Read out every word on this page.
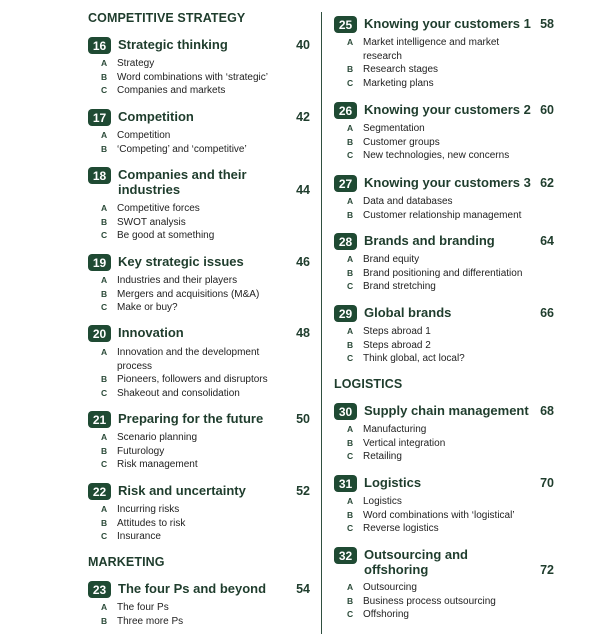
COMPETITIVE STRATEGY
16 Strategic thinking	40
A Strategy
B Word combinations with ‘strategic’
C Companies and markets
17 Competition	42
A Competition
B ‘Competing’ and ‘competitive’
18 Companies and their
industries	44
A Competitive forces
B SWOT analysis
C Be good at something
19 Key strategic issues	46
A Industries and their players
B Mergers and acquisitions (M&A)
C Make or buy?
20 Innovation	48
A Innovation and the development process
B Pioneers, followers and disruptors
C Shakeout and consolidation
21 Preparing for the future	50
A Scenario planning
B Futurology
C Risk management
22 Risk and uncertainty	52
A Incurring risks
B Attitudes to risk
C Insurance
MARKETING
23 The four Ps and beyond 54
A The four Ps
B Three more Ps
25 Knowing your customers 1 58
A Market intelligence and market research
B Research stages
C Marketing plans
26 Knowing your customers 2 60
A Segmentation
B Customer groups
C New technologies, new concerns
27 Knowing your customers 3 62
A Data and databases
B Customer relationship management
28 Brands and branding	64
A Brand equity
B Brand positioning and differentiation
C Brand stretching
29 Global brands	66
A Steps abroad 1
B Steps abroad 2
C Think global, act local?
LOGISTICS
30 Supply chain management 68
A Manufacturing
B Vertical integration
C Retailing
31 Logistics	70
A Logistics
B Word combinations with ‘logistical’
C Reverse logistics
32 Outsourcing and
offshoring	72
A Outsourcing
B Business process outsourcing
C Offshoring
